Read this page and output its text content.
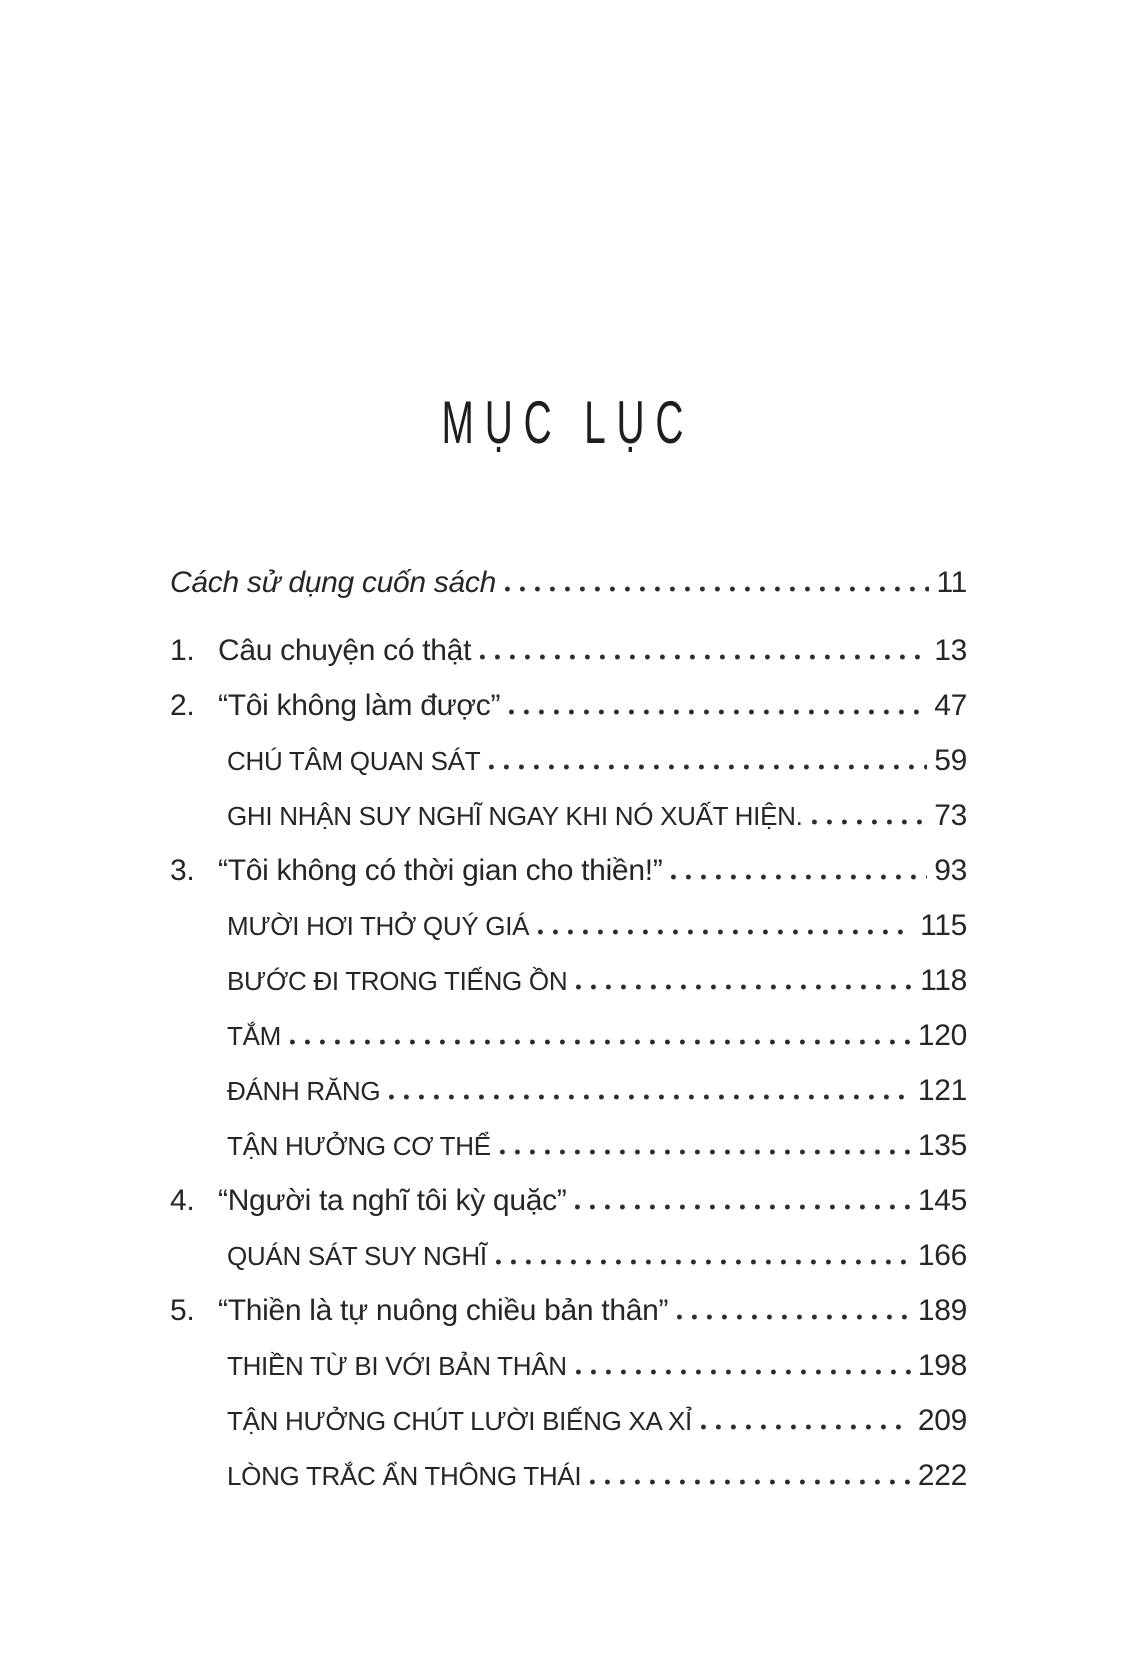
MỤC LỤC
Cách sử dụng cuốn sách	11
1. Câu chuyện có thật	13
2. “Tôi không làm được”	47
CHÚ TÂM QUAN SÁT	59
GHI NHẬN SUY NGHĨ NGAY KHI NÓ XUẤT HIỆN.	73
3. “Tôi không có thời gian cho thiền!”	93
MƯỜI HƠI THỞ QUÝ GIÁ	115
BƯỚC ĐI TRONG TIẾNG ỒN	118
TẮM	120
ĐÁNH RĂNG	121
TẬN HƯỞNG CƠ THỂ	135
4. “Người ta nghĩ tôi kỳ quặc”	145
QUÁN SÁT SUY NGHĨ	166
5. “Thiền là tự nuông chiều bản thân”	189
THIỀN TỪ BI VỚI BẢN THÂN	198
TẬN HƯỞNG CHÚT LƯỜI BIẾNG XA XỈ	209
LÒNG TRẮC ẨN THÔNG THÁI	222
